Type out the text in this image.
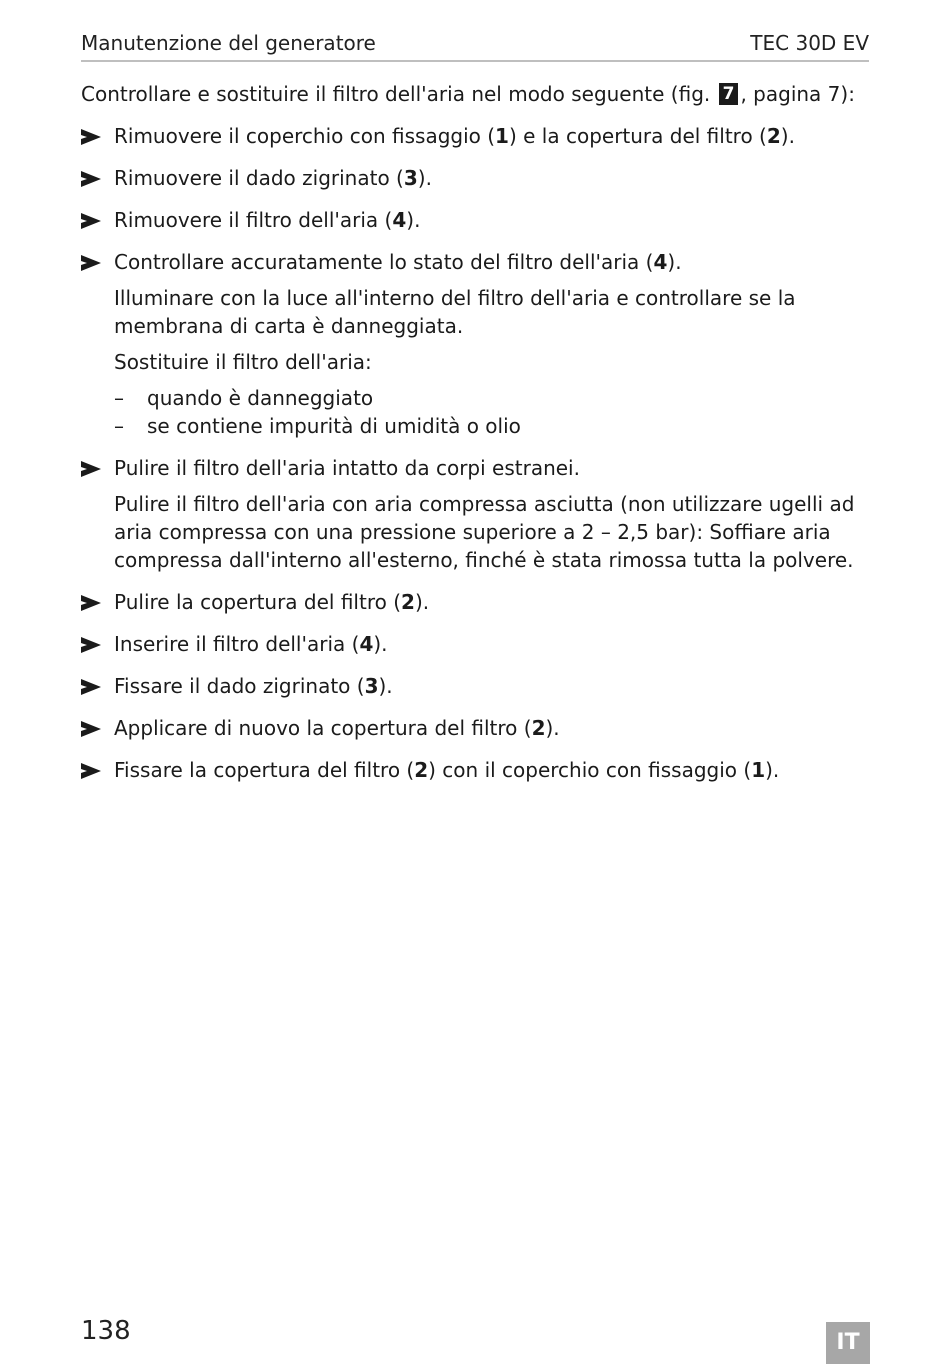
Manutenzione del generatore	TEC 30D EV

Controllare e sostituire il filtro dell'aria nel modo seguente (fig. 7 , pagina 7):

Rimuovere il coperchio con fissaggio (1) e la copertura del filtro (2).
Rimuovere il dado zigrinato (3).
Rimuovere il filtro dell'aria (4).
Controllare accuratamente lo stato del filtro dell'aria (4).

Illuminare con la luce all'interno del filtro dell'aria e controllare se la membrana di carta è danneggiata.

Sostituire il filtro dell'aria:

– quando è danneggiato
– se contiene impurità di umidità o olio
Pulire il filtro dell'aria intatto da corpi estranei.

Pulire il filtro dell'aria con aria compressa asciutta (non utilizzare ugelli ad aria compressa con una pressione superiore a 2 – 2,5 bar): Soffiare aria compressa dall'interno all'esterno, finché è stata rimossa tutta la polvere.

Pulire la copertura del filtro (2).
Inserire il filtro dell'aria (4).
Fissare il dado zigrinato (3).
Applicare di nuovo la copertura del filtro (2).
Fissare la copertura del filtro (2) con il coperchio con fissaggio (1).
138	IT
